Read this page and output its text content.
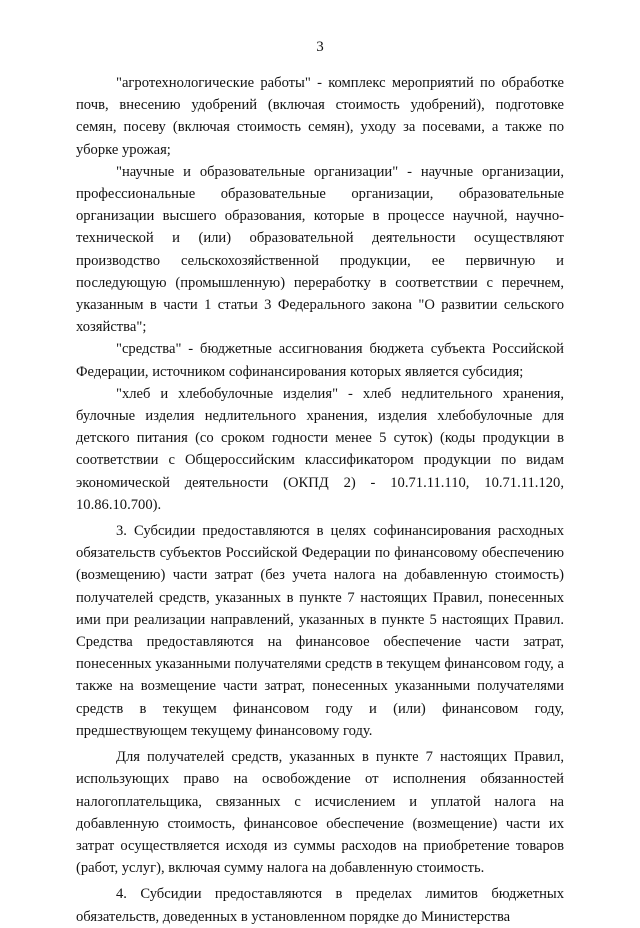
3

"агротехнологические работы" - комплекс мероприятий по обработке почв, внесению удобрений (включая стоимость удобрений), подготовке семян, посеву (включая стоимость семян), уходу за посевами, а также по уборке урожая;

"научные и образовательные организации" - научные организации, профессиональные образовательные организации, образовательные организации высшего образования, которые в процессе научной, научно-технической и (или) образовательной деятельности осуществляют производство сельскохозяйственной продукции, ее первичную и последующую (промышленную) переработку в соответствии с перечнем, указанным в части 1 статьи 3 Федерального закона "О развитии сельского хозяйства";

"средства" - бюджетные ассигнования бюджета субъекта Российской Федерации, источником софинансирования которых является субсидия;

"хлеб и хлебобулочные изделия" - хлеб недлительного хранения, булочные изделия недлительного хранения, изделия хлебобулочные для детского питания (со сроком годности менее 5 суток) (коды продукции в соответствии с Общероссийским классификатором продукции по видам экономической деятельности (ОКПД 2) - 10.71.11.110, 10.71.11.120, 10.86.10.700).

3. Субсидии предоставляются в целях софинансирования расходных обязательств субъектов Российской Федерации по финансовому обеспечению (возмещению) части затрат (без учета налога на добавленную стоимость) получателей средств, указанных в пункте 7 настоящих Правил, понесенных ими при реализации направлений, указанных в пункте 5 настоящих Правил. Средства предоставляются на финансовое обеспечение части затрат, понесенных указанными получателями средств в текущем финансовом году, а также на возмещение части затрат, понесенных указанными получателями средств в текущем финансовом году и (или) финансовом году, предшествующем текущему финансовому году.

Для получателей средств, указанных в пункте 7 настоящих Правил, использующих право на освобождение от исполнения обязанностей налогоплательщика, связанных с исчислением и уплатой налога на добавленную стоимость, финансовое обеспечение (возмещение) части их затрат осуществляется исходя из суммы расходов на приобретение товаров (работ, услуг), включая сумму налога на добавленную стоимость.

4. Субсидии предоставляются в пределах лимитов бюджетных обязательств, доведенных в установленном порядке до Министерства
